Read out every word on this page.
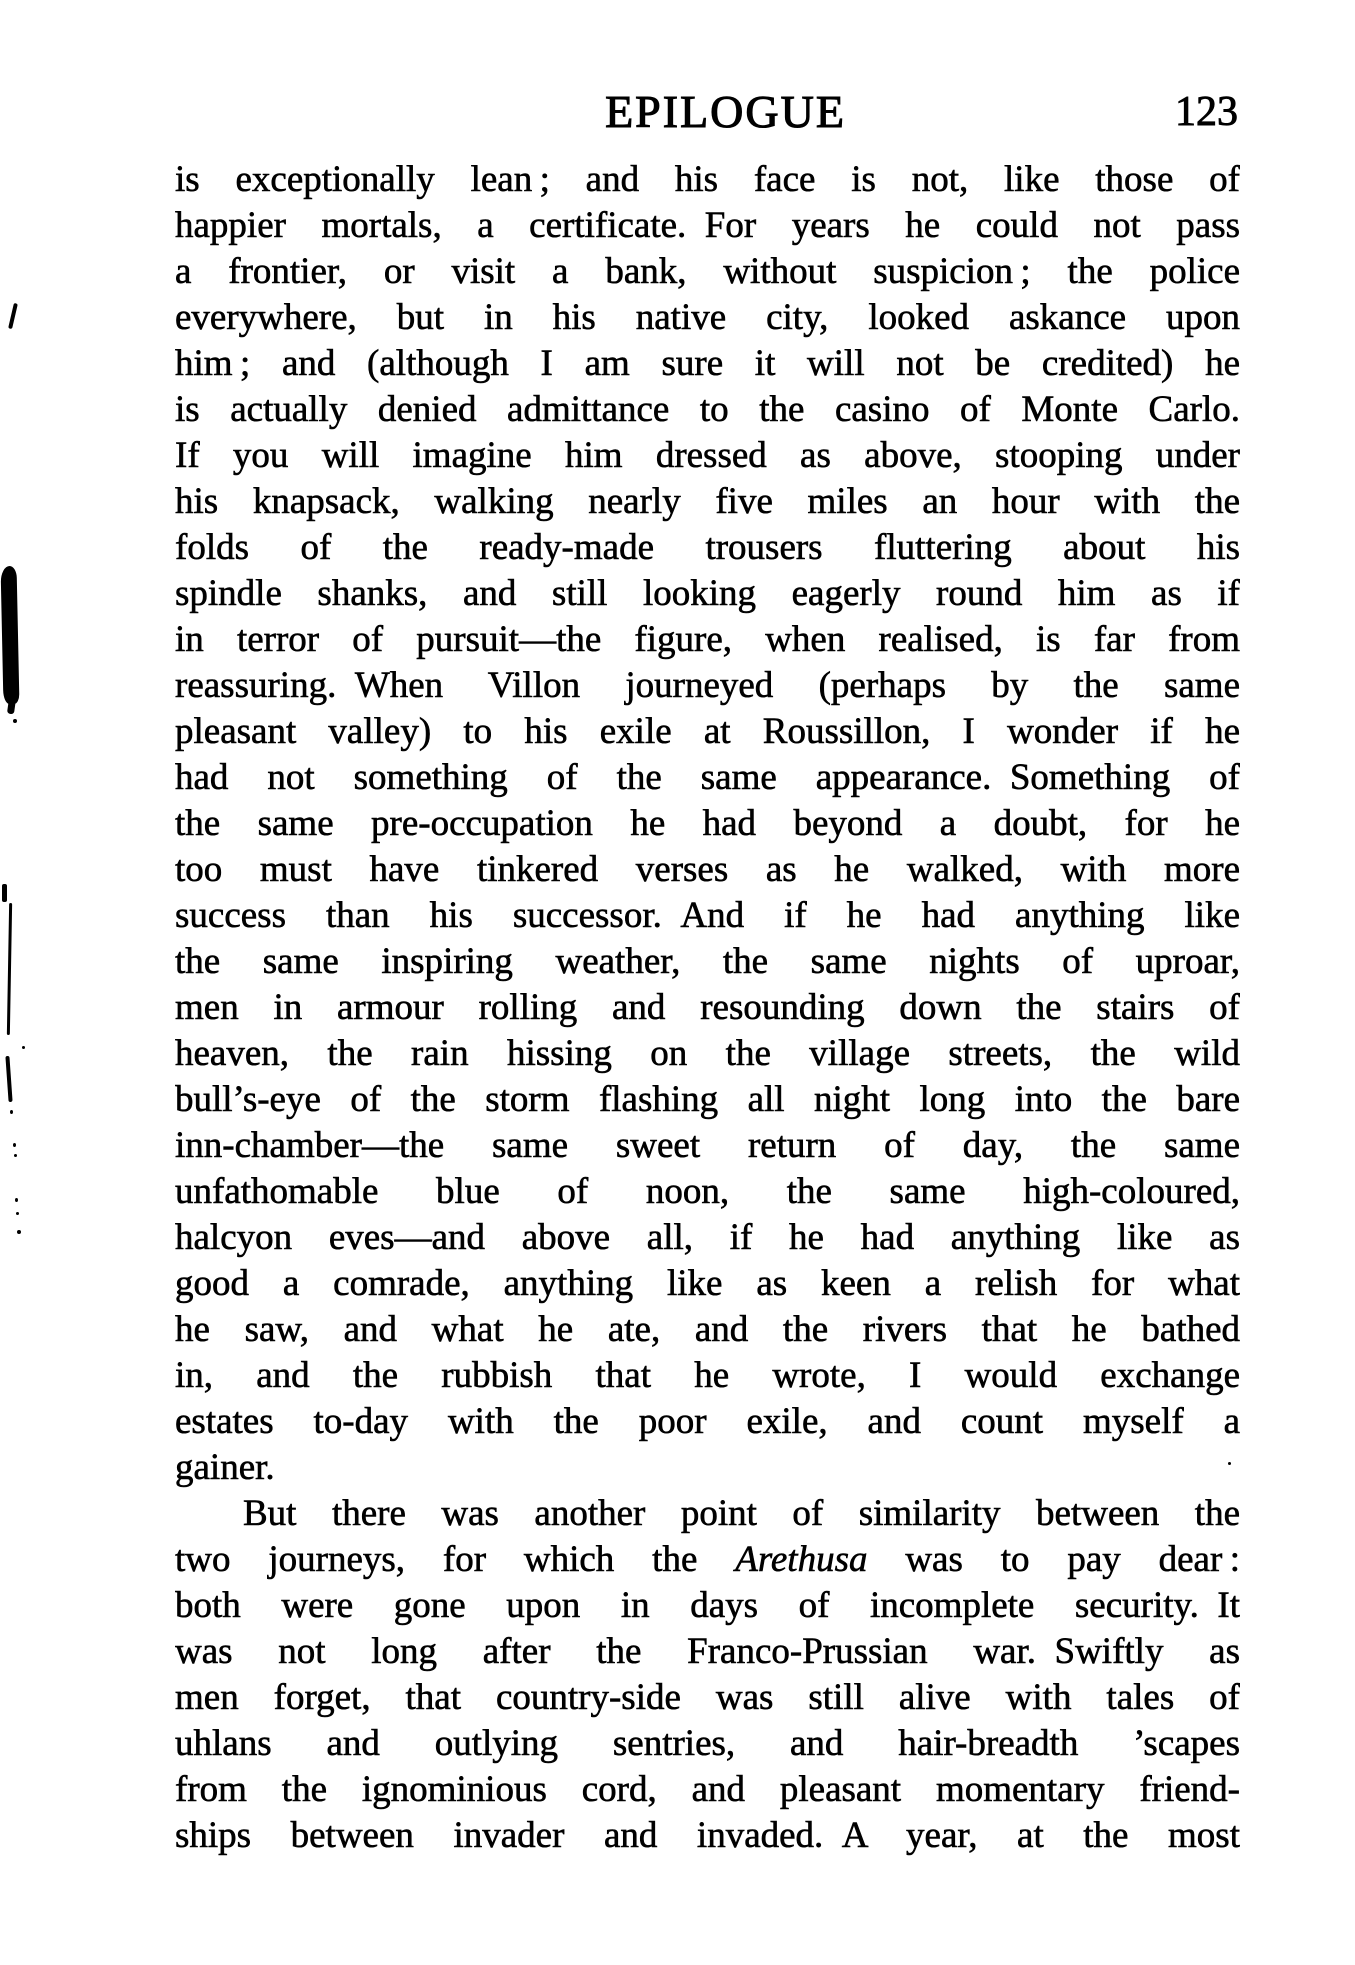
EPILOGUE	123
is exceptionally lean ; and his face is not, like those of
happier mortals, a certificate. For years he could not pass
a frontier, or visit a bank, without suspicion ; the police
everywhere, but in his native city, looked askance upon
him ; and (although I am sure it will not be credited) he
is actually denied admittance to the casino of Monte Carlo.
If you will imagine him dressed as above, stooping under
his knapsack, walking nearly five miles an hour with the
folds of the ready-made trousers fluttering about his
spindle shanks, and still looking eagerly round him as if
in terror of pursuit—the figure, when realised, is far from
reassuring. When Villon journeyed (perhaps by the same
pleasant valley) to his exile at Roussillon, I wonder if he
had not something of the same appearance. Something of
the same pre-occupation he had beyond a doubt, for he
too must have tinkered verses as he walked, with more
success than his successor. And if he had anything like
the same inspiring weather, the same nights of uproar,
men in armour rolling and resounding down the stairs of
heaven, the rain hissing on the village streets, the wild
bull’s-eye of the storm flashing all night long into the bare
inn-chamber—the same sweet return of day, the same
unfathomable blue of noon, the same high-coloured,
halcyon eves—and above all, if he had anything like as
good a comrade, anything like as keen a relish for what
he saw, and what he ate, and the rivers that he bathed
in, and the rubbish that he wrote, I would exchange
estates to-day with the poor exile, and count myself a
gainer.
But there was another point of similarity between the
two journeys, for which the Arethusa was to pay dear :
both were gone upon in days of incomplete security. It
was not long after the Franco-Prussian war. Swiftly as
men forget, that country-side was still alive with tales of
uhlans and outlying sentries, and hair-breadth ’scapes
from the ignominious cord, and pleasant momentary friend-
ships between invader and invaded. A year, at the most
